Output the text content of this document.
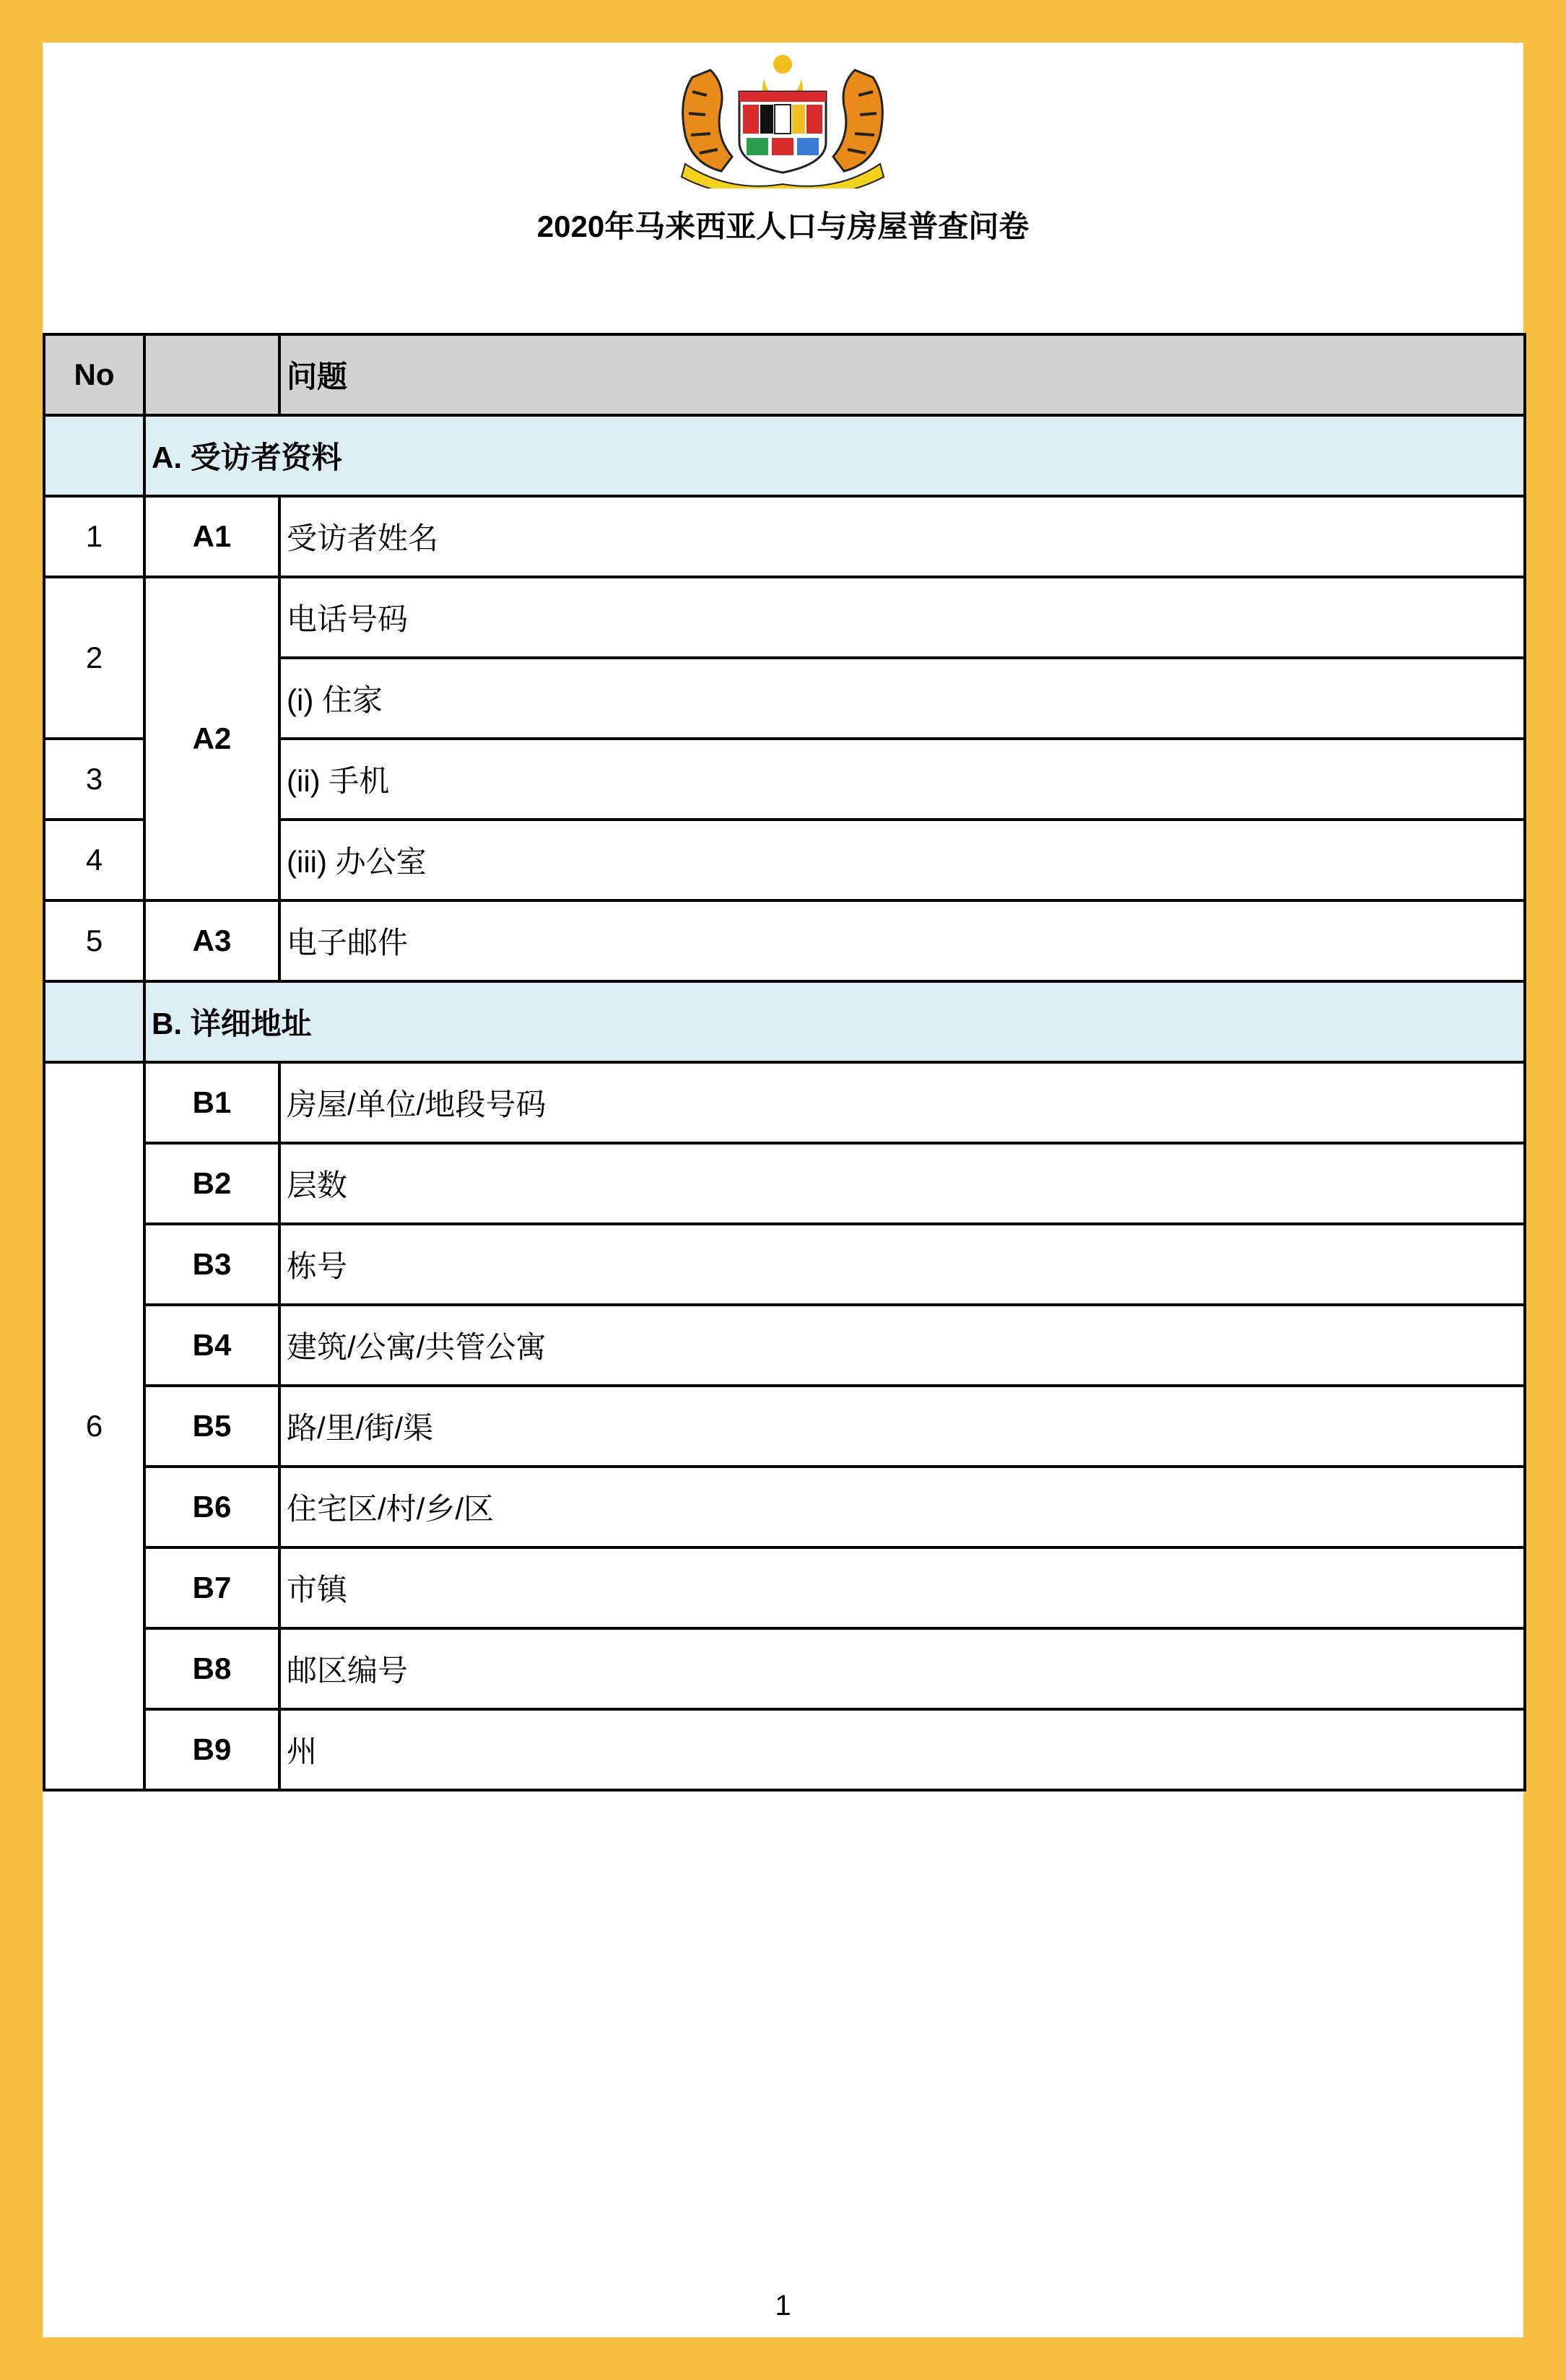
2020年马来西亚人口与房屋普查问卷
No		问题
	A. 受访者资料	
1	A1	受访者姓名
2	A2	电话号码
		(i) 住家
3		(ii) 手机
4		(iii) 办公室
5	A3	电子邮件
	B. 详细地址	
6	B1	房屋/单位/地段号码
	B2	层数
	B3	栋号
	B4	建筑/公寓/共管公寓
	B5	路/里/街/渠
	B6	住宅区/村/乡/区
	B7	市镇
	B8	邮区编号
	B9	州
1
